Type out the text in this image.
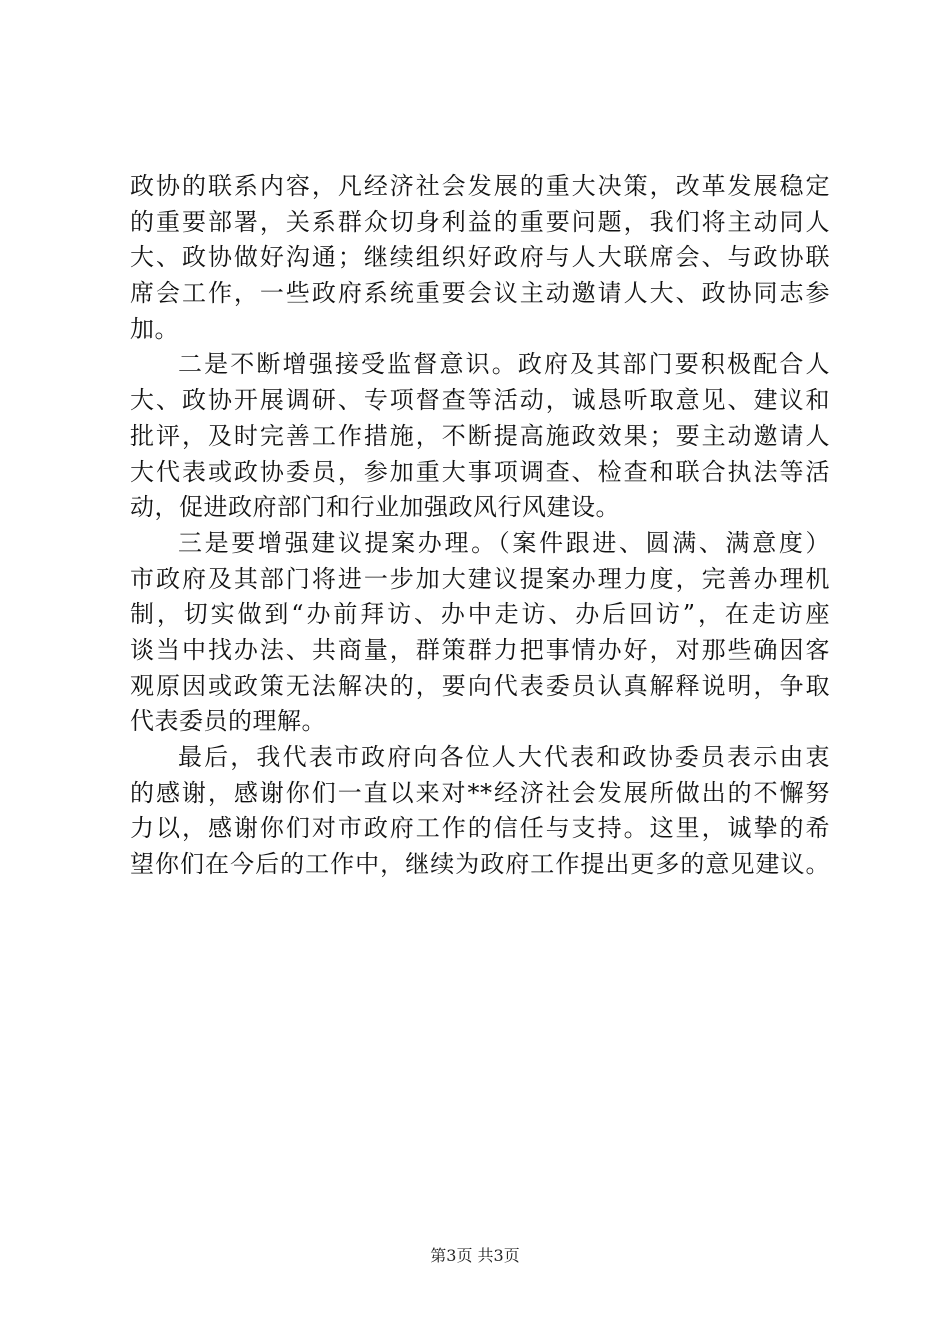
政协的联系内容，凡经济社会发展的重大决策，改革发展稳定
的重要部署，关系群众切身利益的重要问题，我们将主动同人
大、政协做好沟通；继续组织好政府与人大联席会、与政协联
席会工作，一些政府系统重要会议主动邀请人大、政协同志参
加。
二是不断增强接受监督意识。政府及其部门要积极配合人
大、政协开展调研、专项督查等活动，诚恳听取意见、建议和
批评，及时完善工作措施，不断提高施政效果；要主动邀请人
大代表或政协委员，参加重大事项调查、检查和联合执法等活
动，促进政府部门和行业加强政风行风建设。
三是要增强建议提案办理。（案件跟进、圆满、满意度）
市政府及其部门将进一步加大建议提案办理力度，完善办理机
制，切实做到“办前拜访、办中走访、办后回访”，在走访座
谈当中找办法、共商量，群策群力把事情办好，对那些确因客
观原因或政策无法解决的，要向代表委员认真解释说明，争取
代表委员的理解。
最后，我代表市政府向各位人大代表和政协委员表示由衷
的感谢，感谢你们一直以来对**经济社会发展所做出的不懈努
力以，感谢你们对市政府工作的信任与支持。这里，诚挚的希
望你们在今后的工作中，继续为政府工作提出更多的意见建议。
第3页 共3页
